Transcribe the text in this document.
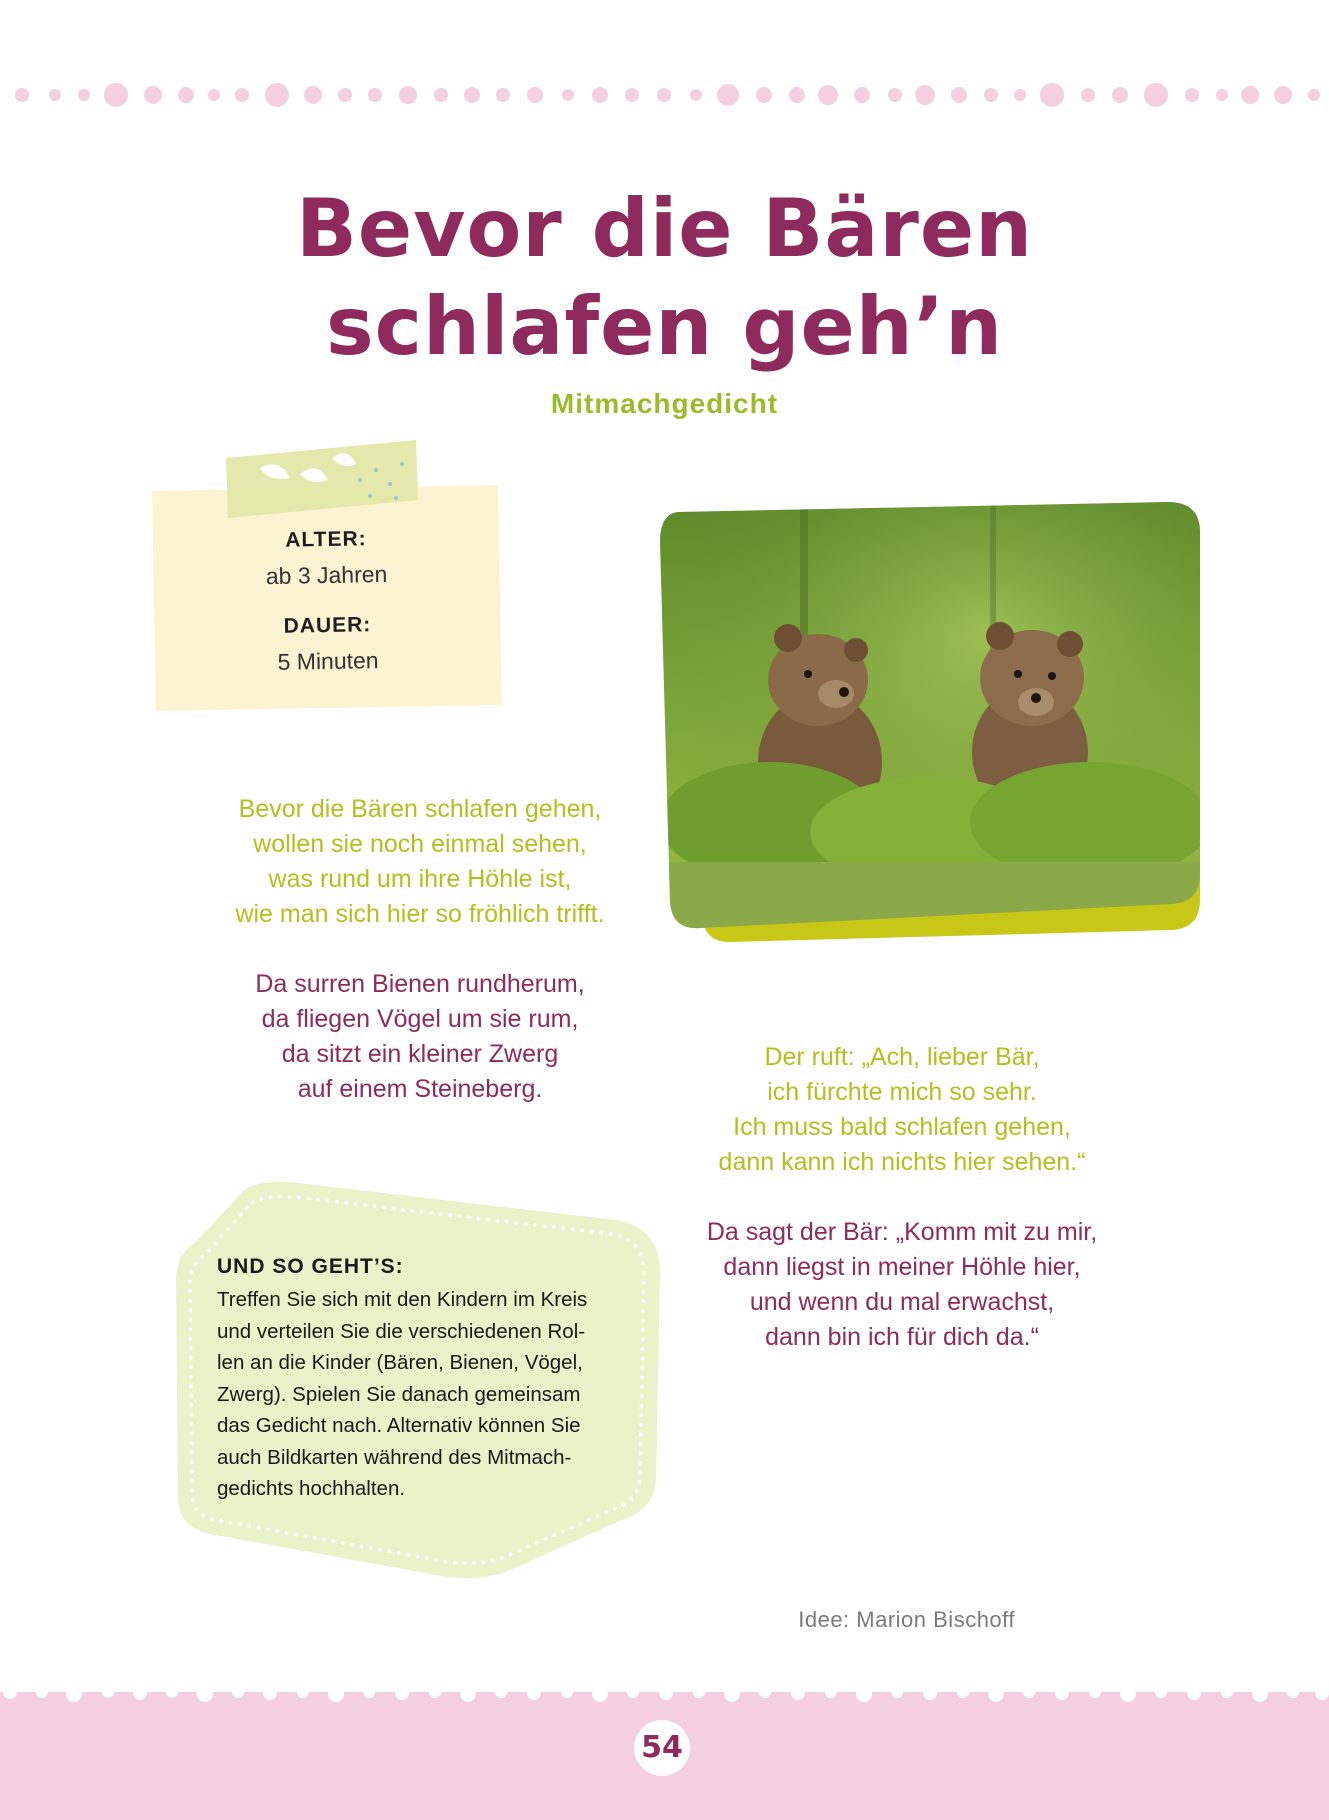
Bevor die Bären
schlafen geh’n

Mitmachgedicht

ALTER:
ab 3 Jahren
DAUER:
5 Minuten
Bevor die Bären schlafen gehen,
wollen sie noch einmal sehen,
was rund um ihre Höhle ist,
wie man sich hier so fröhlich trifft.
Da surren Bienen rundherum,
da fliegen Vögel um sie rum,
da sitzt ein kleiner Zwerg
auf einem Steineberg.
Der ruft: „Ach, lieber Bär,
ich fürchte mich so sehr.
Ich muss bald schlafen gehen,
dann kann ich nichts hier sehen.“
Da sagt der Bär: „Komm mit zu mir,
dann liegst in meiner Höhle hier,
und wenn du mal erwachst,
dann bin ich für dich da.“

UND SO GEHT’S:

Treffen Sie sich mit den Kindern im Kreis
und verteilen Sie die verschiedenen Rol-
len an die Kinder (Bären, Bienen, Vögel,
Zwerg). Spielen Sie danach gemeinsam
das Gedicht nach. Alternativ können Sie
auch Bildkarten während des Mitmach-
gedichts hochhalten.
Idee: Marion Bischoff
54
